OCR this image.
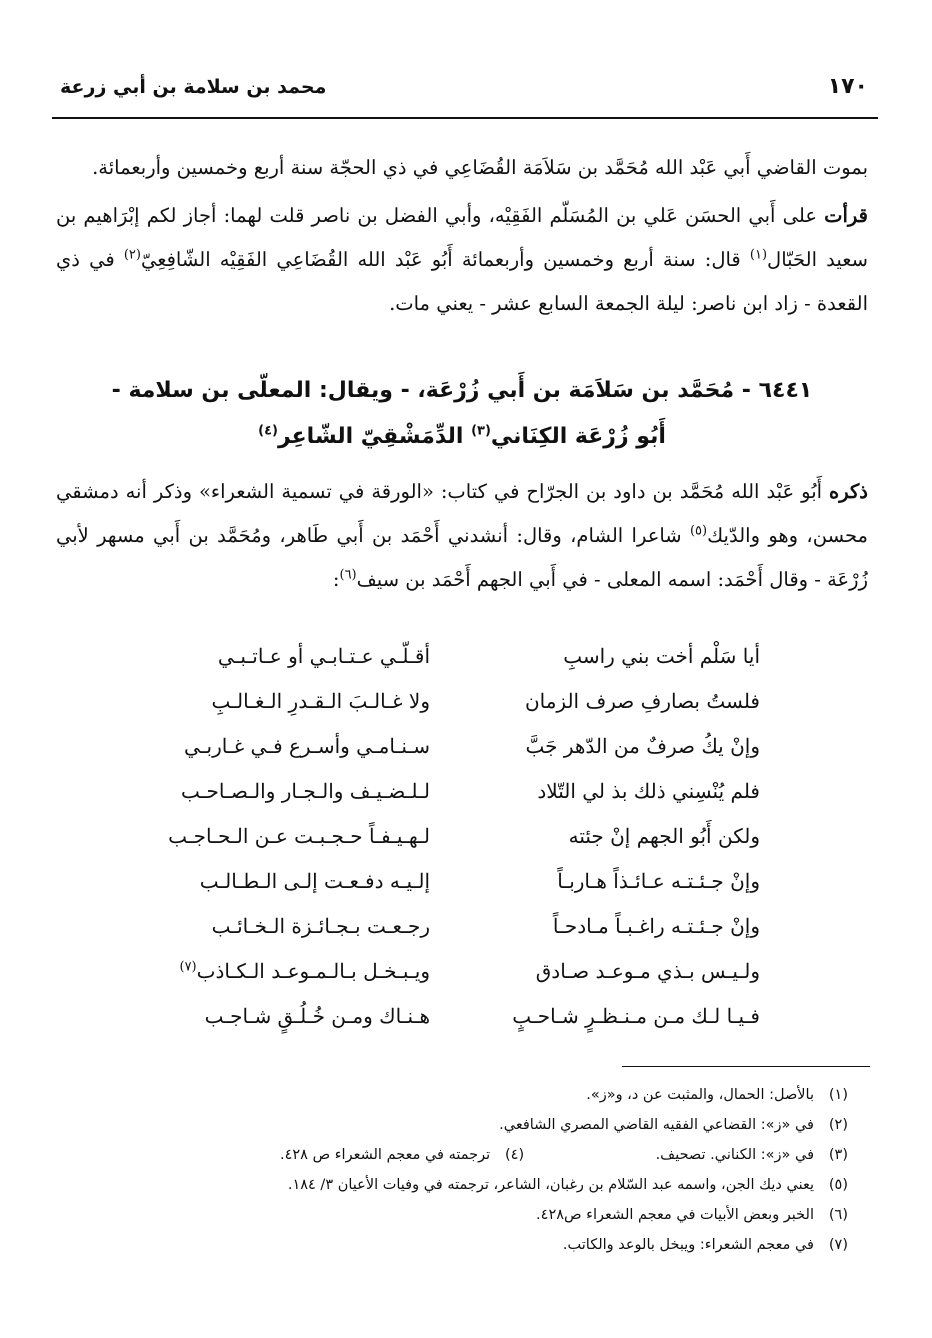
١٧٠
محمد بن سلامة بن أبي زرعة

بموت القاضي أَبي عَبْد الله مُحَمَّد بن سَلاَمَة القُضَاعِي في ذي الحجّة سنة أربع وخمسين وأربعمائة.

قرأت على أَبي الحسَن عَلي بن المُسَلّم الفَقِيْه، وأبي الفضل بن ناصر قلت لهما: أجاز لكم إبْرَاهيم بن سعيد الحَبّال$^{(١)}$ قال: سنة أربع وخمسين وأربعمائة أَبُو عَبْد الله القُضَاعِي الفَقِيْه الشّافِعِيّ$^{(٢)}$ في ذي القعدة - زاد ابن ناصر: ليلة الجمعة السابع عشر - يعني مات.

٦٤٤١ - مُحَمَّد بن سَلاَمَة بن أَبي زُرْعَة، - ويقال: المعلّى بن سلامة -
أَبُو زُرْعَة الكِنَاني$^{(٣)}$ الدِّمَشْقِيّ الشّاعِر$^{(٤)}$

ذكره أَبُو عَبْد الله مُحَمَّد بن داود بن الجرّاح في كتاب: «الورقة في تسمية الشعراء» وذكر أنه دمشقي محسن، وهو والدّيك$^{(٥)}$ شاعرا الشام، وقال: أنشدني أَحْمَد بن أَبي طَاهر، ومُحَمَّد بن أَبي مسهر لأبي زُرْعَة - وقال أَحْمَد: اسمه المعلى - في أَبي الجهم أَحْمَد بن سيف$^{(٦)}$:

أيا سَلْم أخت بني راسبِ
أقـلّـي عـتـابـي أو عـاتـبـي
فلستُ بصارفِ صرف الزمان
ولا غـالـبَ الـقـدرِ الـغـالـبِ
وإنْ يكُ صرفٌ من الدّهر جَبَّ
سـنـامـي وأسـرع فـي غـاربـي
فلم يُنْسِني ذلك بذ لي التّلاد
لـلـضـيـف والـجـار والـصـاحـب
ولكن أَبُو الجهم إنْ جئته
لـهـيـفـاً حـجـبـت عـن الـحـاجـب
وإنْ جـئـتـه عـائـذاً هـاربـاً
إلـيـه دفـعـت إلـى الـطـالـب
وإنْ جـئـتـه راغـبـاً مـادحـاً
رجـعـت بـجـائـزة الـخـائـب
ولـيـس بـذي مـوعـد صـادق
ويـبـخـل بـالـمـوعـد الـكـاذب$^{(٧)}$
فـيـا لـك مـن مـنـظـرٍ شـاحـبٍ
هـنـاك ومـن خُـلُـقٍ شـاجـب
(١)بالأصل: الحمال، والمثبت عن د، و«ز».
(٢)في «ز»: القضاعي الفقيه القاضي المصري الشافعي.
(٣)في «ز»: الكناني. تصحيف.
(٤)ترجمته في معجم الشعراء ص ٤٢٨.
(٥)يعني ديك الجن، واسمه عبد السّلام بن رغبان، الشاعر، ترجمته في وفيات الأعيان ٣/ ١٨٤.
(٦)الخبر وبعض الأبيات في معجم الشعراء ص٤٢٨.
(٧)في معجم الشعراء: ويبخل بالوعد والكاتب.
